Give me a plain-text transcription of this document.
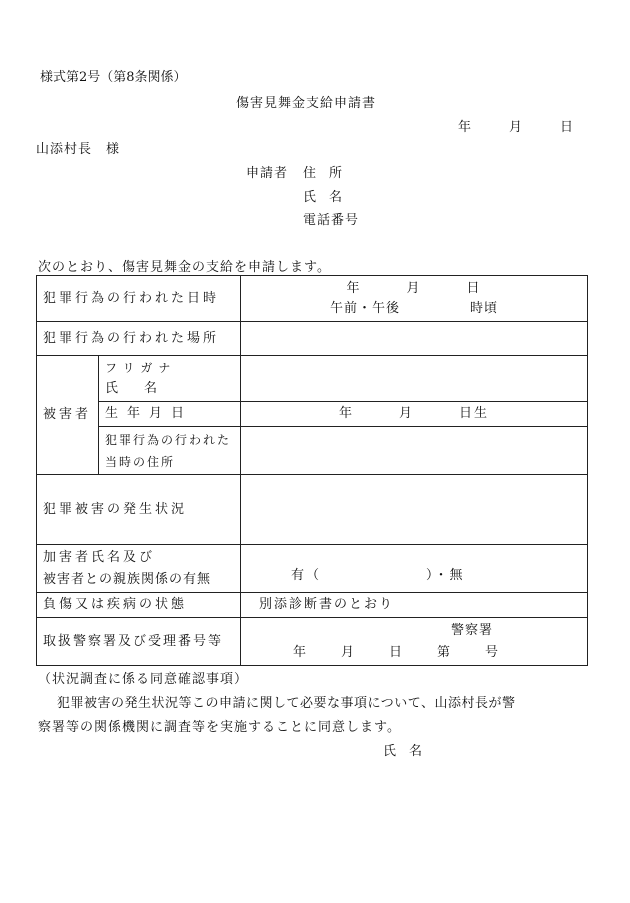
様式第2号（第8条関係）
傷害見舞金支給申請書
年　　月　　日
山添村長　様
申請者 住　所
氏　名
電話番号
次のとおり、傷害見舞金の支給を申請します。
犯罪行為の行われた日時		年　　　月　　　日
午前・午後　　　　　時頃

犯罪行為の行われた場所		
被害者	フリガナ
氏　　名	

	生年月日	年　　　月　　　日生

	犯罪行為の行われた
当時の住所	

犯罪被害の発生状況		

加害者氏名及び
被害者との親族関係の有無		有（　　　　　　　）・無

負傷又は疾病の状態		別添診断書のとおり
取扱警察署及び受理番号等		警察署
年　　月　　日　　第　　号
（状況調査に係る同意確認事項）
犯罪被害の発生状況等この申請に関して必要な事項について、山添村長が警
察署等の関係機関に調査等を実施することに同意します。
氏　名
